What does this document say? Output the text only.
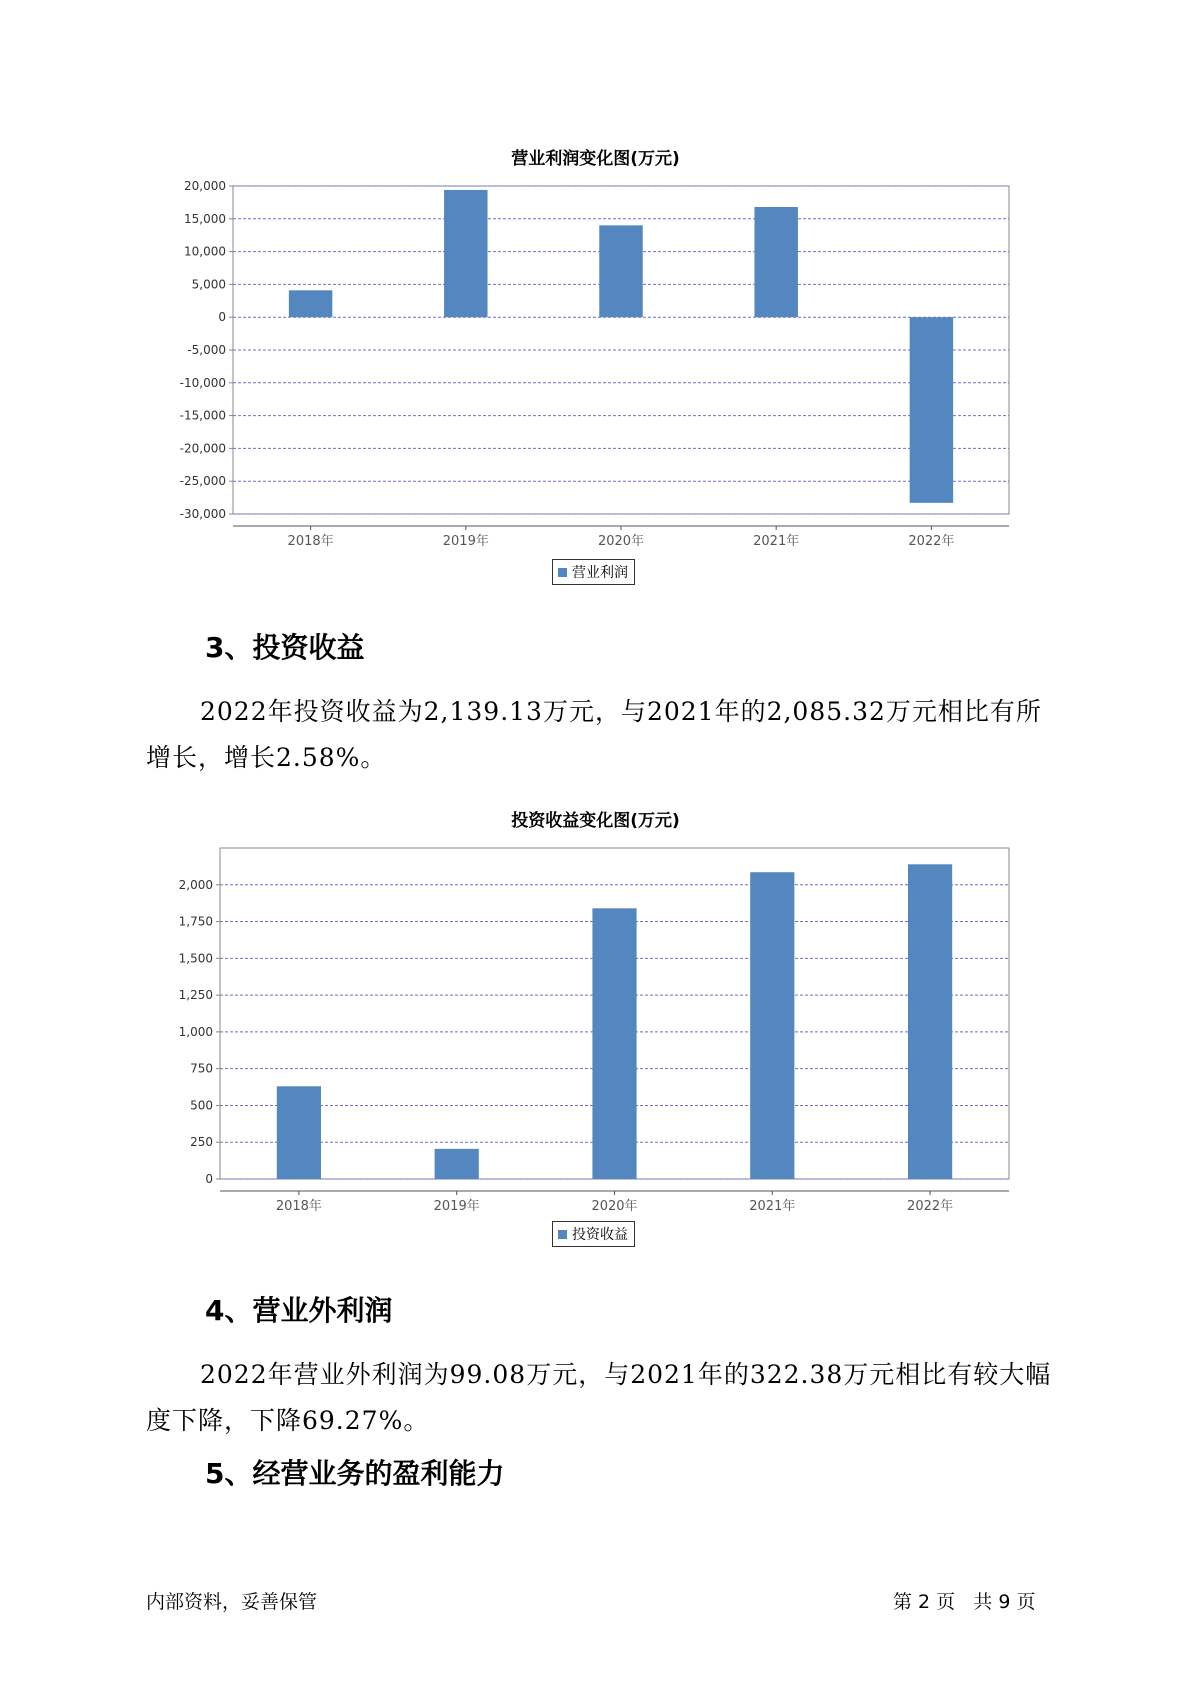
营业利润变化图(万元)
20,000
15,000
10,000
5,000
0
-5,000
-10,000
-15,000
-20,000
-25,000
-30,000
2018年	2019年	2020年	2021年	2022年
营业利润
3、投资收益
2022年投资收益为2,139.13万元，与2021年的2,085.32万元相比有所
增长，增长2.58%。
投资收益变化图(万元)
2,000
1,750
1,500
1,250
1,000
750
500
250
0
2018年	2019年	2020年	2021年	2022年
投资收益
4、营业外利润
2022年营业外利润为99.08万元，与2021年的322.38万元相比有较大幅
度下降，下降69.27%。
5、经营业务的盈利能力
内部资料，妥善保管	第 2 页   共 9 页
